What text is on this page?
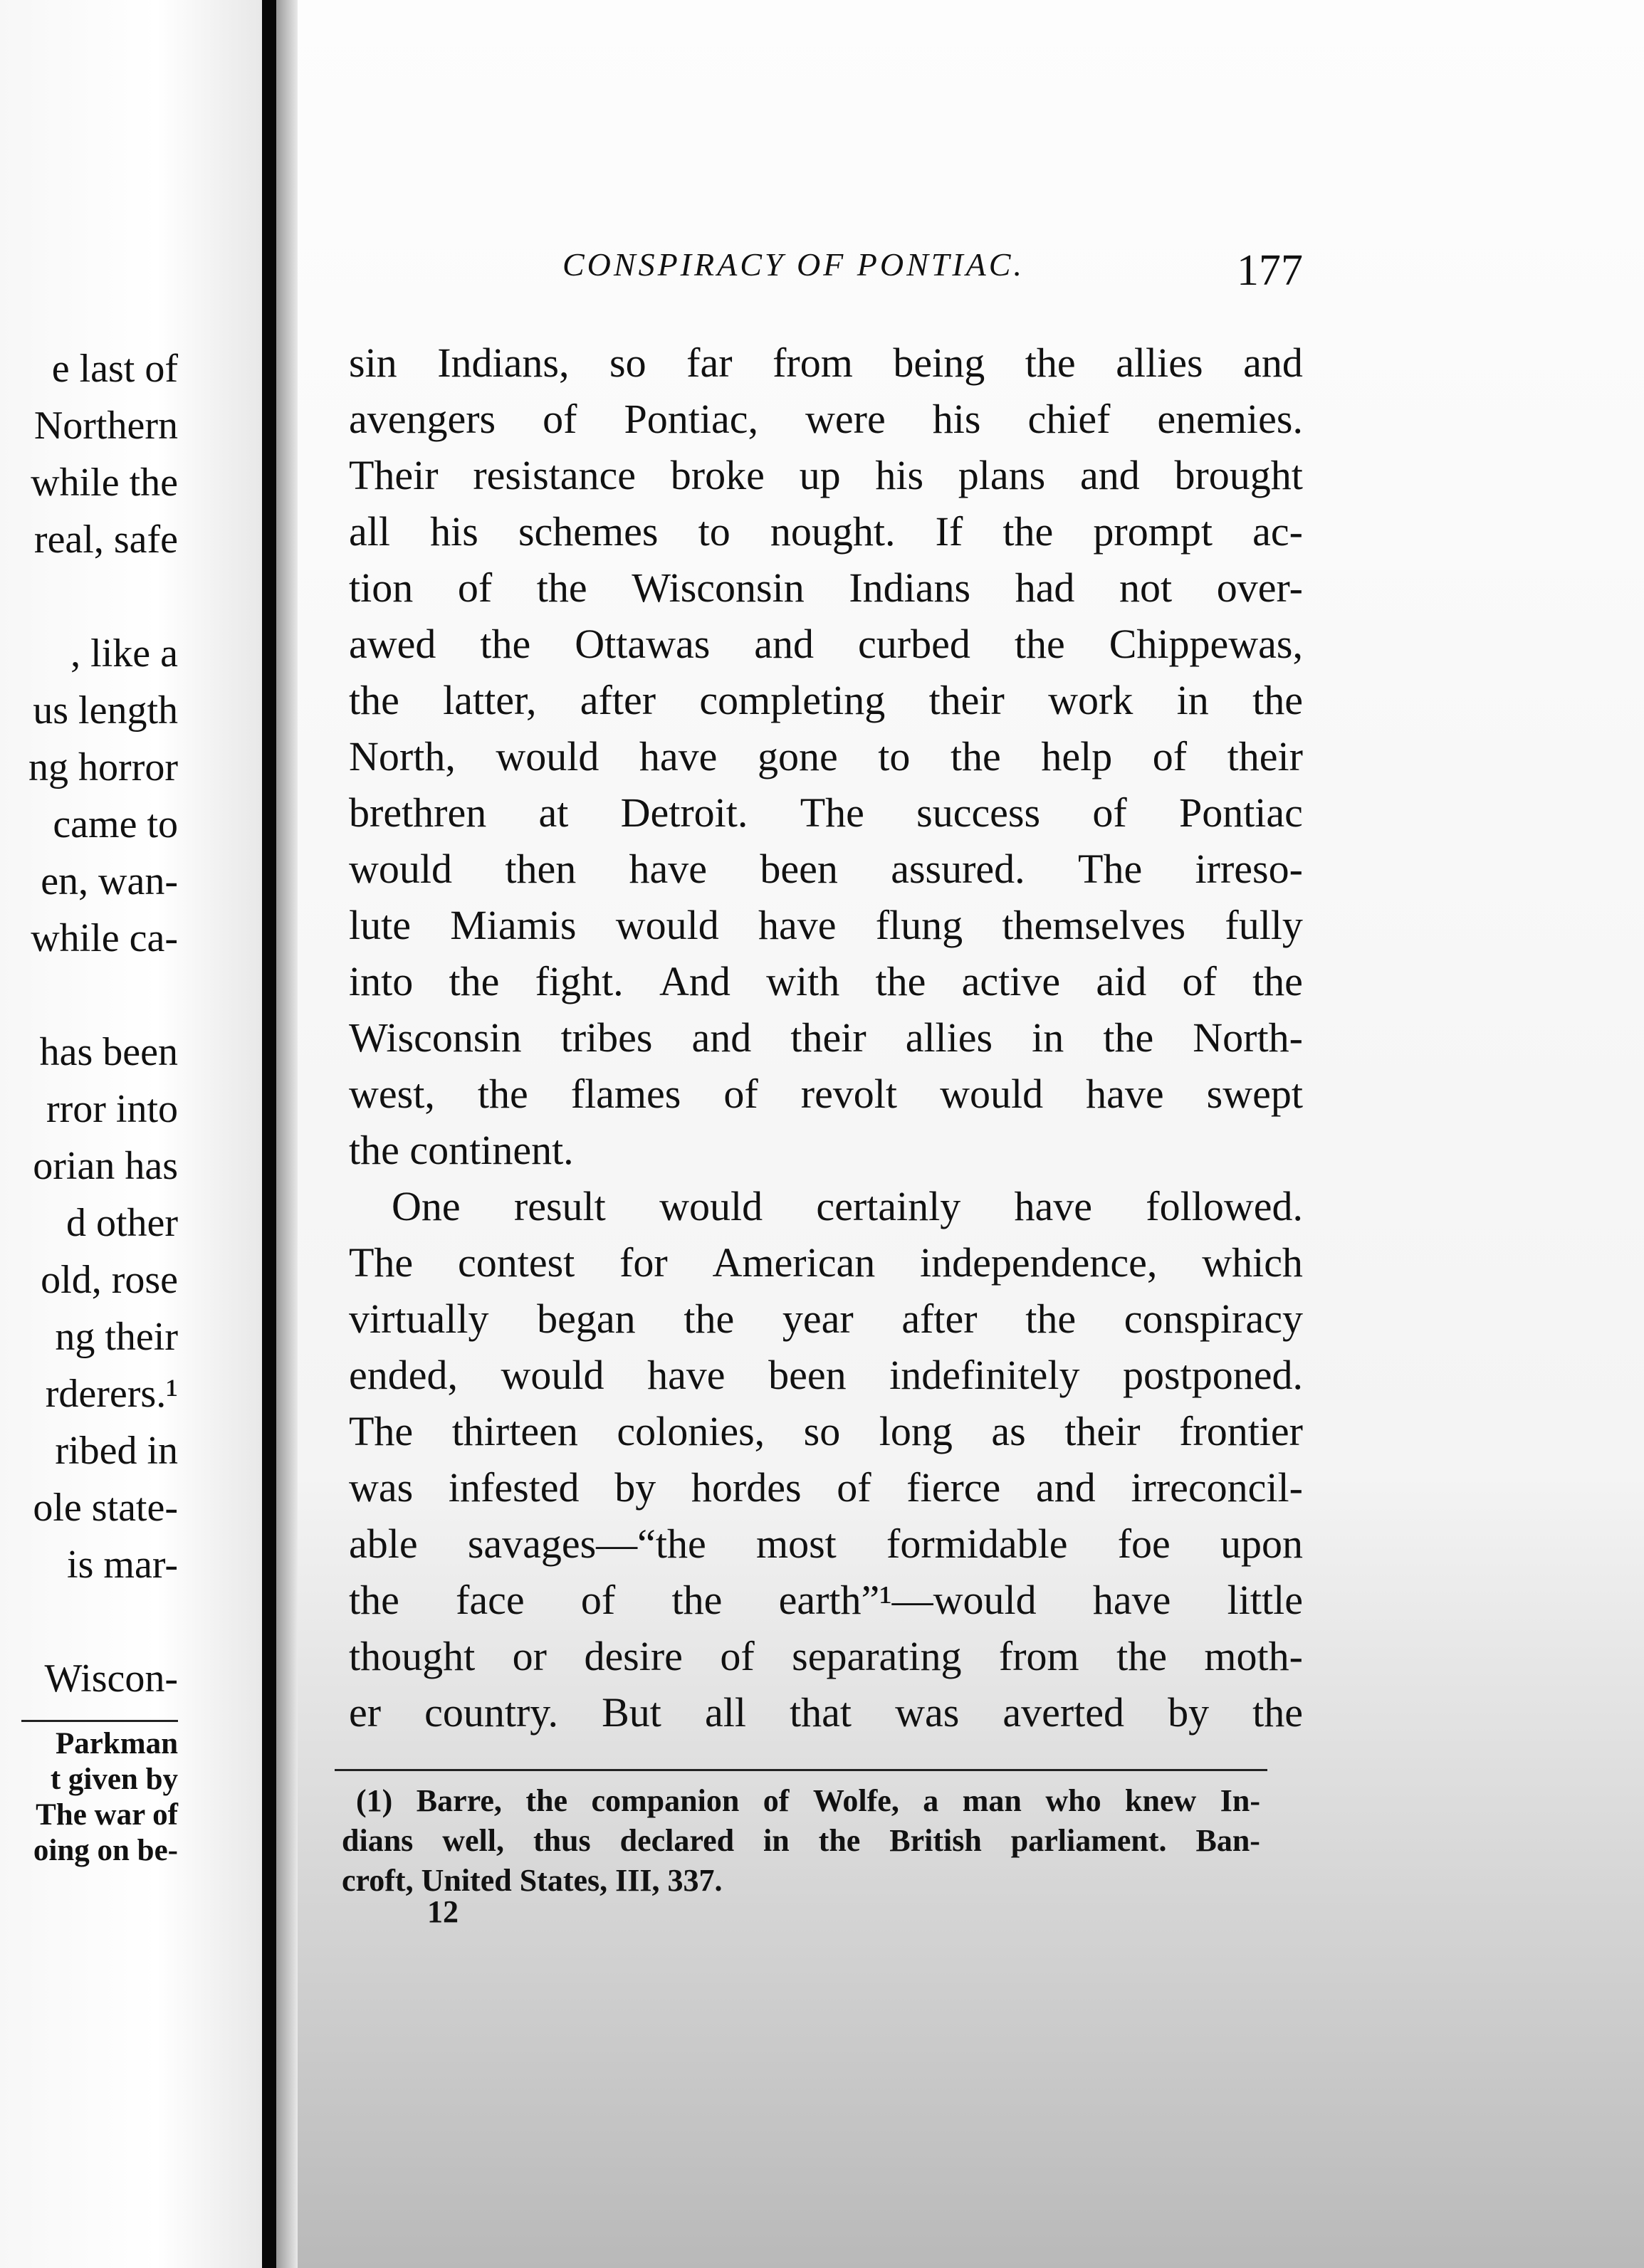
e last of
Northern
while the
real, safe
, like a
us length
ng horror
came to
en, wan-
while ca-
has been
rror into
orian has
d other
old, rose
ng their
rderers.¹
ribed in
ole state-
is mar-
Wiscon-
Parkman
t given by
The war of
oing on be-
CONSPIRACY OF PONTIAC.	177
sin Indians, so far from being the allies and
avengers of Pontiac, were his chief enemies.
Their resistance broke up his plans and brought
all his schemes to nought. If the prompt ac-
tion of the Wisconsin Indians had not over-
awed the Ottawas and curbed the Chippewas,
the latter, after completing their work in the
North, would have gone to the help of their
brethren at Detroit. The success of Pontiac
would then have been assured. The irreso-
lute Miamis would have flung themselves fully
into the fight. And with the active aid of the
Wisconsin tribes and their allies in the North-
west, the flames of revolt would have swept
the continent.
One result would certainly have followed.
The contest for American independence, which
virtually began the year after the conspiracy
ended, would have been indefinitely postponed.
The thirteen colonies, so long as their frontier
was infested by hordes of fierce and irreconcil-
able savages—“the most formidable foe upon
the face of the earth”¹—would have little
thought or desire of separating from the moth-
er country. But all that was averted by the
(1) Barre, the companion of Wolfe, a man who knew In-
dians well, thus declared in the British parliament. Ban-
croft, United States, III, 337.
12
